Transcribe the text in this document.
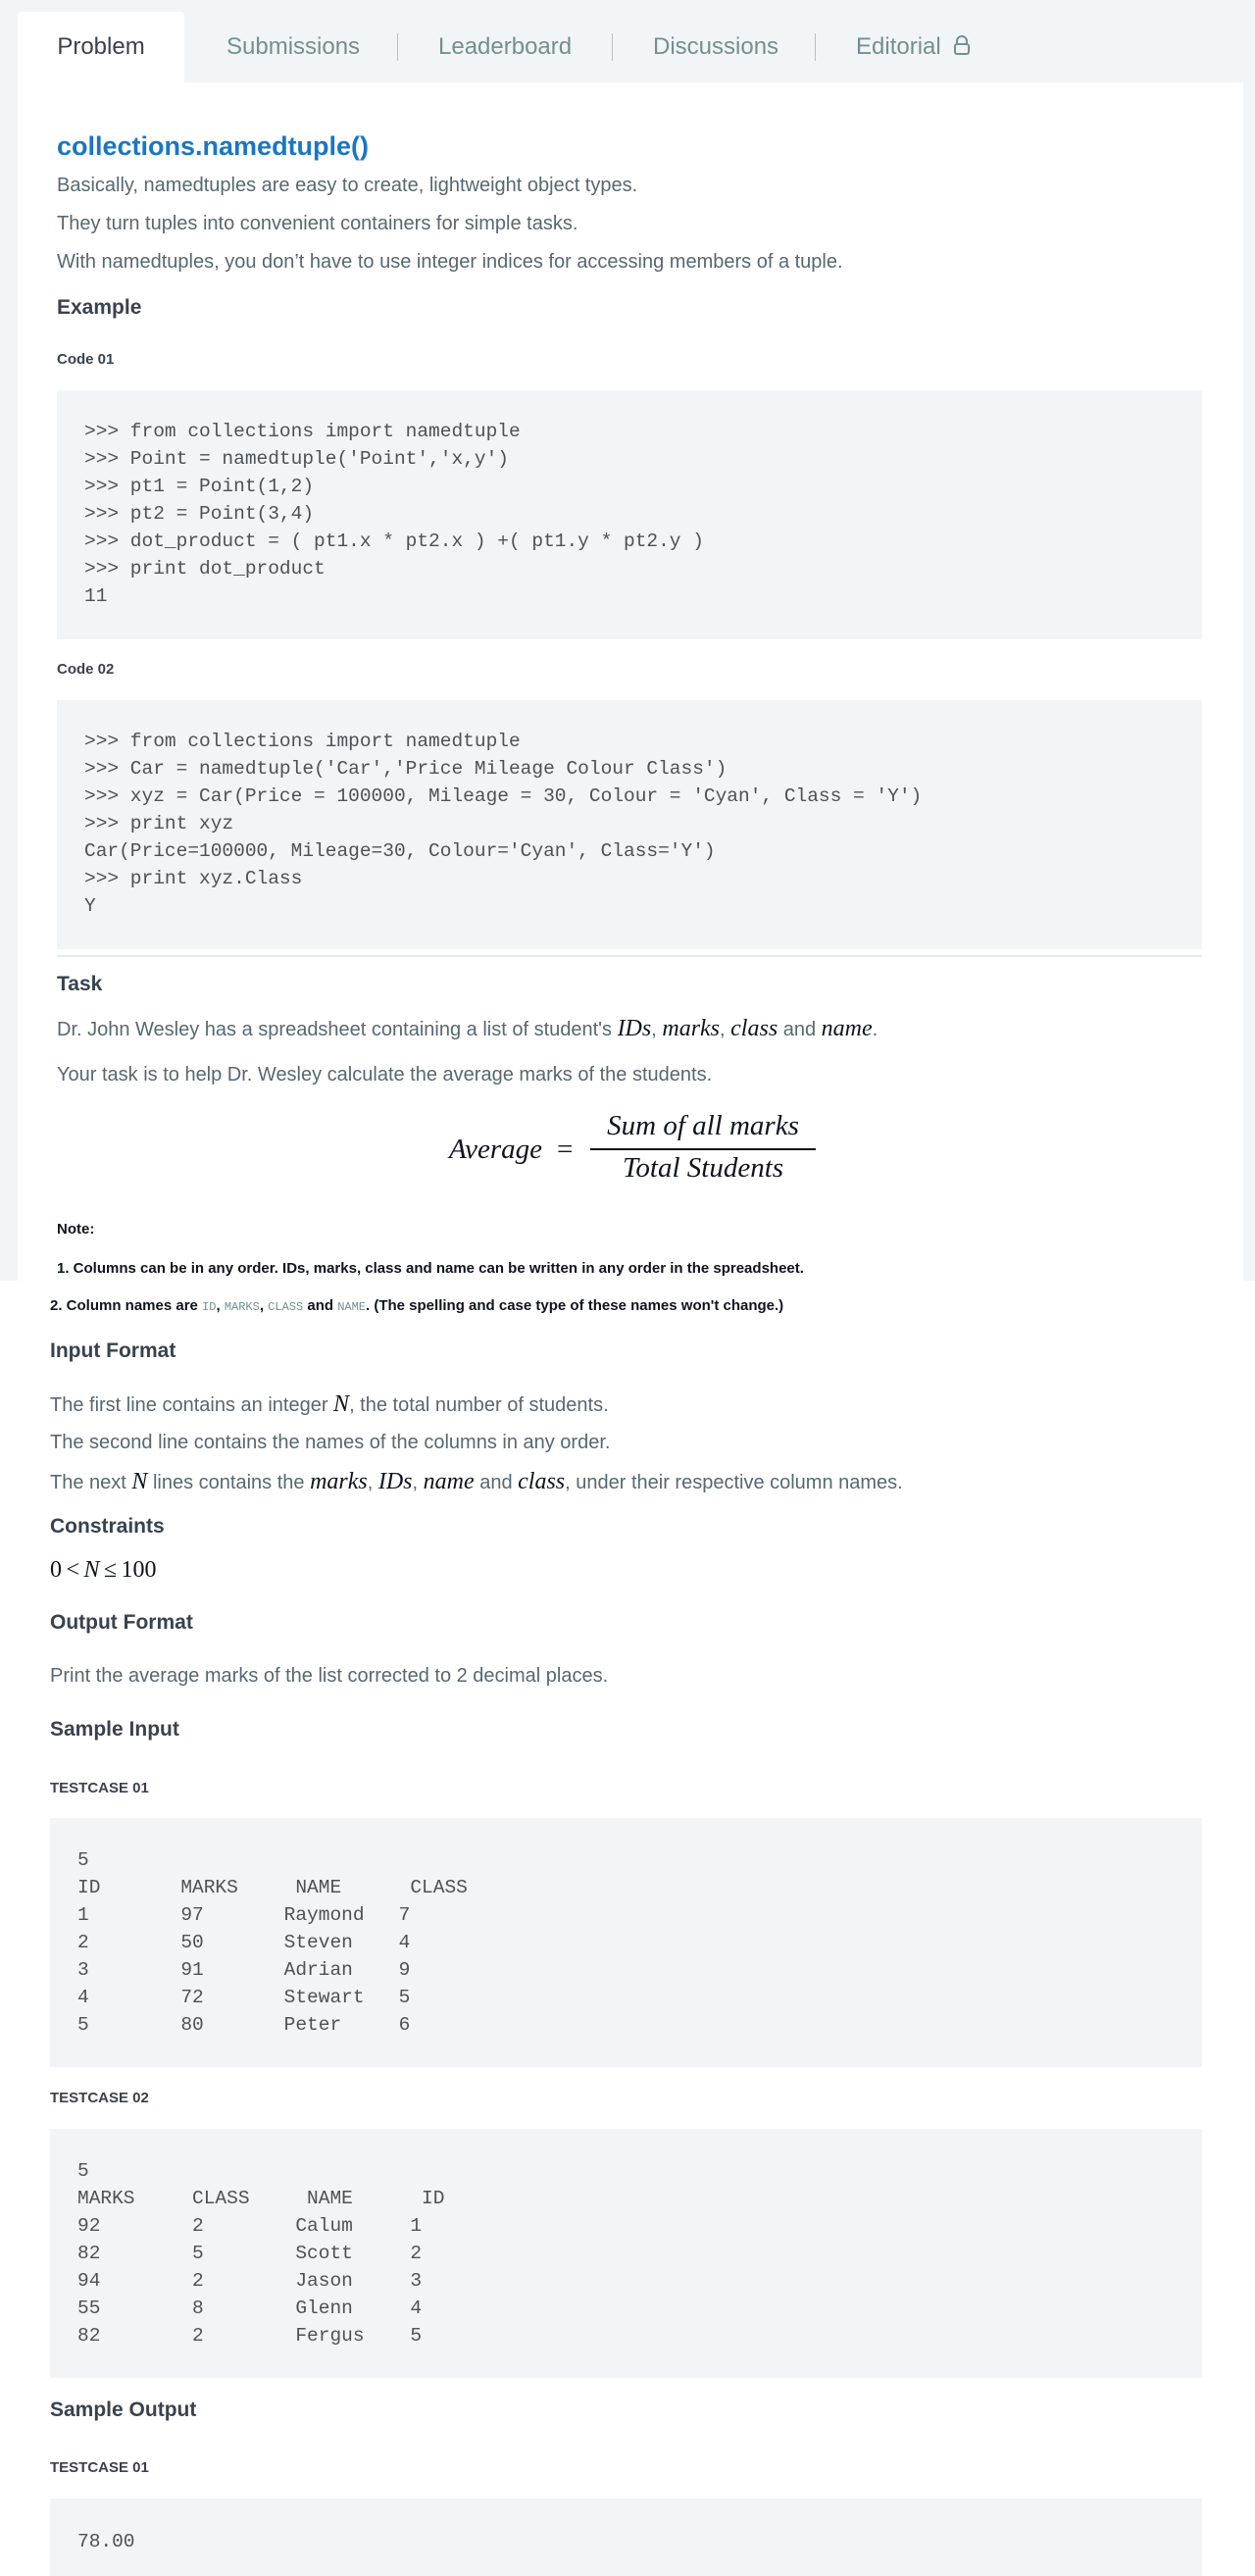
Problem	Submissions	Leaderboard	Discussions	Editorial
collections.namedtuple()
Basically, namedtuples are easy to create, lightweight object types.
They turn tuples into convenient containers for simple tasks.
With namedtuples, you don’t have to use integer indices for accessing members of a tuple.
Example
Code 01
>>> from collections import namedtuple
>>> Point = namedtuple('Point','x,y')
>>> pt1 = Point(1,2)
>>> pt2 = Point(3,4)
>>> dot_product = ( pt1.x * pt2.x ) +( pt1.y * pt2.y )
>>> print dot_product
11
Code 02
>>> from collections import namedtuple
>>> Car = namedtuple('Car','Price Mileage Colour Class')
>>> xyz = Car(Price = 100000, Mileage = 30, Colour = 'Cyan', Class = 'Y')
>>> print xyz
Car(Price=100000, Mileage=30, Colour='Cyan', Class='Y')
>>> print xyz.Class
Y
Task
Dr. John Wesley has a spreadsheet containing a list of student's IDs, marks, class and name.
Your task is to help Dr. Wesley calculate the average marks of the students.
Average =
Sum of all marks
Total Students
Note:
1. Columns can be in any order. IDs, marks, class and name can be written in any order in the spreadsheet.
2. Column names are ID, MARKS, CLASS and NAME. (The spelling and case type of these names won't change.)
Input Format
The first line contains an integer N, the total number of students.
The second line contains the names of the columns in any order.
The next N lines contains the marks, IDs, name and class, under their respective column names.
Constraints
0 < N ≤ 100
Output Format
Print the average marks of the list corrected to 2 decimal places.
Sample Input
TESTCASE 01
5
ID       MARKS     NAME      CLASS
1        97       Raymond   7
2        50       Steven    4
3        91       Adrian    9
4        72       Stewart   5
5        80       Peter     6
TESTCASE 02
5
MARKS     CLASS     NAME      ID
92        2        Calum     1
82        5        Scott     2
94        2        Jason     3
55        8        Glenn     4
82        2        Fergus    5
Sample Output
TESTCASE 01
78.00
